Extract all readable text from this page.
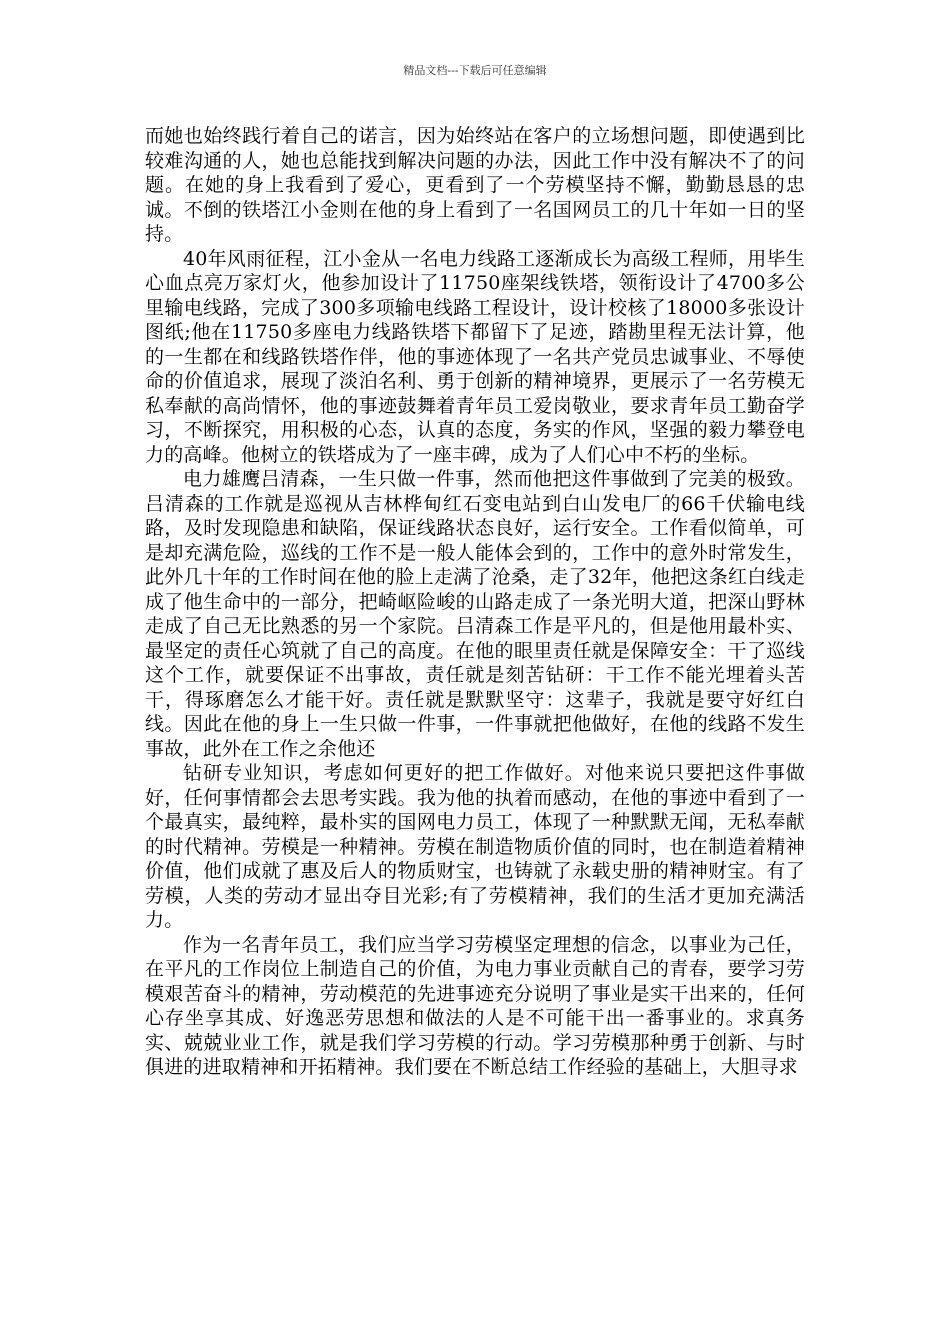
精品文档---下载后可任意编辑

而她也始终践行着自己的诺言，因为始终站在客户的立场想问题，即使遇到比较难沟通的人，她也总能找到解决问题的办法，因此工作中没有解决不了的问题。在她的身上我看到了爱心，更看到了一个劳模坚持不懈，勤勤恳恳的忠诚。不倒的铁塔江小金则在他的身上看到了一名国网员工的几十年如一日的坚持。

40年风雨征程，江小金从一名电力线路工逐渐成长为高级工程师，用毕生心血点亮万家灯火，他参加设计了11750座架线铁塔，领衔设计了4700多公里输电线路，完成了300多项输电线路工程设计，设计校核了18000多张设计图纸;他在11750多座电力线路铁塔下都留下了足迹，踏勘里程无法计算，他的一生都在和线路铁塔作伴，他的事迹体现了一名共产党员忠诚事业、不辱使命的价值追求，展现了淡泊名利、勇于创新的精神境界，更展示了一名劳模无私奉献的高尚情怀，他的事迹鼓舞着青年员工爱岗敬业，要求青年员工勤奋学习，不断探究，用积极的心态，认真的态度，务实的作风，坚强的毅力攀登电力的高峰。他树立的铁塔成为了一座丰碑，成为了人们心中不朽的坐标。

电力雄鹰吕清森，一生只做一件事，然而他把这件事做到了完美的极致。吕清森的工作就是巡视从吉林桦甸红石变电站到白山发电厂的66千伏输电线路，及时发现隐患和缺陷，保证线路状态良好，运行安全。工作看似简单，可是却充满危险，巡线的工作不是一般人能体会到的，工作中的意外时常发生，此外几十年的工作时间在他的脸上走满了沧桑，走了32年，他把这条红白线走成了他生命中的一部分，把崎岖险峻的山路走成了一条光明大道，把深山野林走成了自己无比熟悉的另一个家院。吕清森工作是平凡的，但是他用最朴实、最坚定的责任心筑就了自己的高度。在他的眼里责任就是保障安全：干了巡线这个工作，就要保证不出事故，责任就是刻苦钻研：干工作不能光埋着头苦干，得琢磨怎么才能干好。责任就是默默坚守：这辈子，我就是要守好红白线。因此在他的身上一生只做一件事，一件事就把他做好，在他的线路不发生事故，此外在工作之余他还

钻研专业知识，考虑如何更好的把工作做好。对他来说只要把这件事做好，任何事情都会去思考实践。我为他的执着而感动，在他的事迹中看到了一个最真实，最纯粹，最朴实的国网电力员工，体现了一种默默无闻，无私奉献的时代精神。劳模是一种精神。劳模在制造物质价值的同时，也在制造着精神价值，他们成就了惠及后人的物质财宝，也铸就了永载史册的精神财宝。有了劳模，人类的劳动才显出夺目光彩;有了劳模精神，我们的生活才更加充满活力。

作为一名青年员工，我们应当学习劳模坚定理想的信念，以事业为己任，在平凡的工作岗位上制造自己的价值，为电力事业贡献自己的青春，要学习劳模艰苦奋斗的精神，劳动模范的先进事迹充分说明了事业是实干出来的，任何心存坐享其成、好逸恶劳思想和做法的人是不可能干出一番事业的。求真务实、兢兢业业工作，就是我们学习劳模的行动。学习劳模那种勇于创新、与时俱进的进取精神和开拓精神。我们要在不断总结工作经验的基础上，大胆寻求
